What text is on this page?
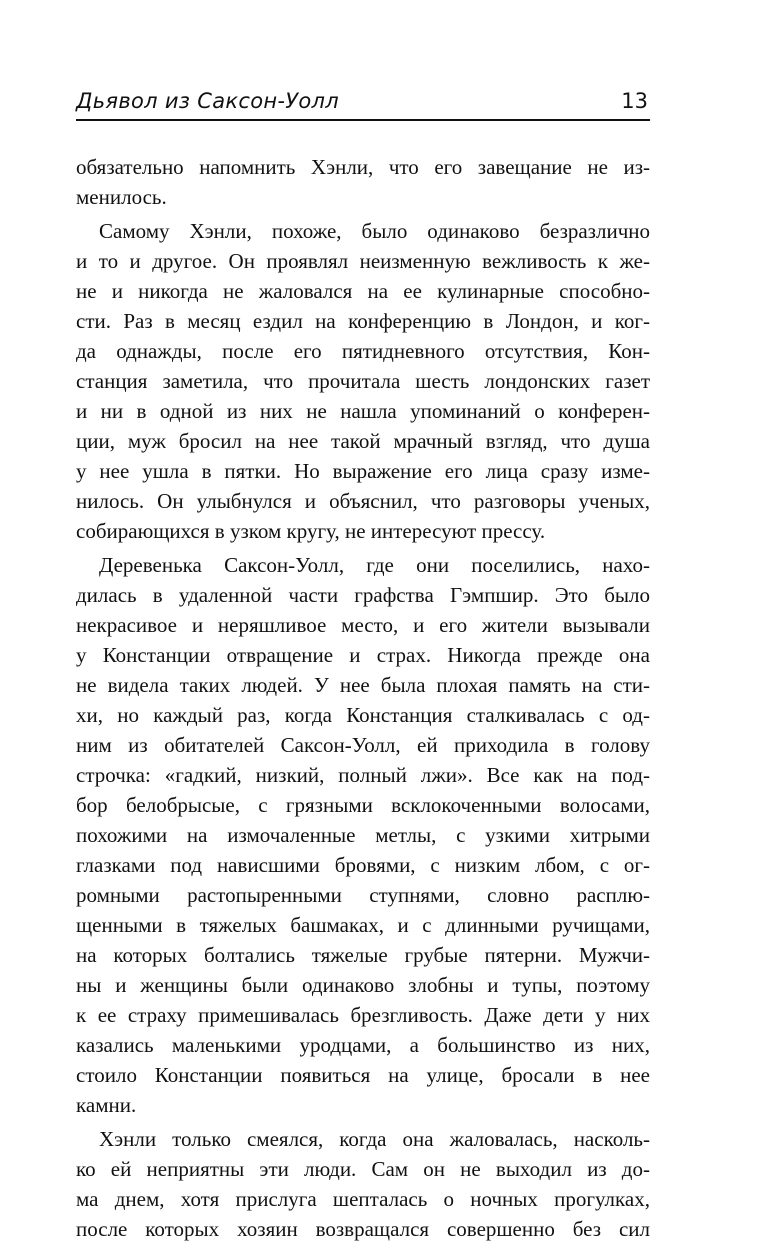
Дьявол из Саксон-Уолл	13
обязательно напомнить Хэнли, что его завещание не из-
менилось.
Самому Хэнли, похоже, было одинаково безразлично
и то и другое. Он проявлял неизменную вежливость к же-
не и никогда не жаловался на ее кулинарные способно-
сти. Раз в месяц ездил на конференцию в Лондон, и ког-
да однажды, после его пятидневного отсутствия, Кон-
станция заметила, что прочитала шесть лондонских газет
и ни в одной из них не нашла упоминаний о конферен-
ции, муж бросил на нее такой мрачный взгляд, что душа
у нее ушла в пятки. Но выражение его лица сразу изме-
нилось. Он улыбнулся и объяснил, что разговоры ученых,
собирающихся в узком кругу, не интересуют прессу.
Деревенька Саксон-Уолл, где они поселились, нахо-
дилась в удаленной части графства Гэмпшир. Это было
некрасивое и неряшливое место, и его жители вызывали
у Констанции отвращение и страх. Никогда прежде она
не видела таких людей. У нее была плохая память на сти-
хи, но каждый раз, когда Констанция сталкивалась с од-
ним из обитателей Саксон-Уолл, ей приходила в голову
строчка: «гадкий, низкий, полный лжи». Все как на под-
бор белобрысые, с грязными всклокоченными волосами,
похожими на измочаленные метлы, с узкими хитрыми
глазками под нависшими бровями, с низким лбом, с ог-
ромными растопыренными ступнями, словно расплю-
щенными в тяжелых башмаках, и с длинными ручищами,
на которых болтались тяжелые грубые пятерни. Мужчи-
ны и женщины были одинаково злобны и тупы, поэтому
к ее страху примешивалась брезгливость. Даже дети у них
казались маленькими уродцами, а большинство из них,
стоило Констанции появиться на улице, бросали в нее
камни.
Хэнли только смеялся, когда она жаловалась, насколь-
ко ей неприятны эти люди. Сам он не выходил из до-
ма днем, хотя прислуга шепталась о ночных прогулках,
после которых хозяин возвращался совершенно без сил
